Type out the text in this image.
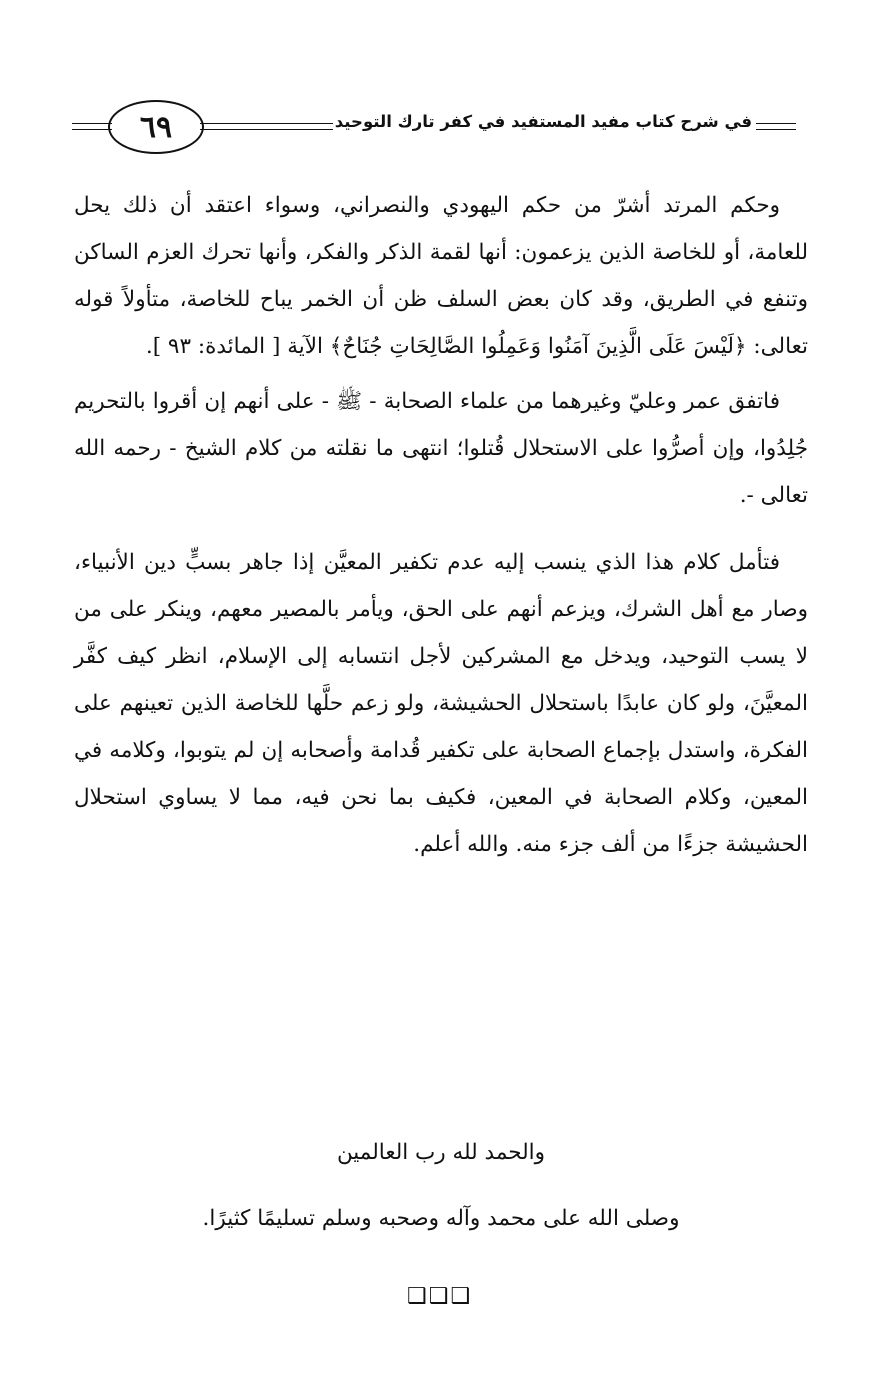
٦٩	في شرح كتاب مفيد المستفيد في كفر تارك التوحيد

وحكم المرتد أشرّ من حكم اليهودي والنصراني، وسواء اعتقد أن ذلك يحل للعامة، أو للخاصة الذين يزعمون: أنها لقمة الذكر والفكر، وأنها تحرك العزم الساكن وتنفع في الطريق، وقد كان بعض السلف ظن أن الخمر يباح للخاصة، متأولاً قوله تعالى: ﴿لَيْسَ عَلَى الَّذِينَ آمَنُوا وَعَمِلُوا الصَّالِحَاتِ جُنَاحٌ﴾ الآية [ المائدة: ٩٣ ].

فاتفق عمر وعليّ وغيرهما من علماء الصحابة - ﷺ - على أنهم إن أقروا بالتحريم جُلِدُوا، وإن أصرُّوا على الاستحلال قُتلوا؛ انتهى ما نقلته من كلام الشيخ - رحمه الله تعالى -.

فتأمل كلام هذا الذي ينسب إليه عدم تكفير المعيَّن إذا جاهر بسبٍّ دين الأنبياء، وصار مع أهل الشرك، ويزعم أنهم على الحق، ويأمر بالمصير معهم، وينكر على من لا يسب التوحيد، ويدخل مع المشركين لأجل انتسابه إلى الإسلام، انظر كيف كفَّر المعيَّنَ، ولو كان عابدًا باستحلال الحشيشة، ولو زعم حلَّها للخاصة الذين تعينهم على الفكرة، واستدل بإجماع الصحابة على تكفير قُدامة وأصحابه إن لم يتوبوا، وكلامه في المعين، وكلام الصحابة في المعين، فكيف بما نحن فيه، مما لا يساوي استحلال الحشيشة جزءًا من ألف جزء منه. والله أعلم.

والحمد لله رب العالمين
وصلى الله على محمد وآله وصحبه وسلم تسليمًا كثيرًا.
❑❑❑
